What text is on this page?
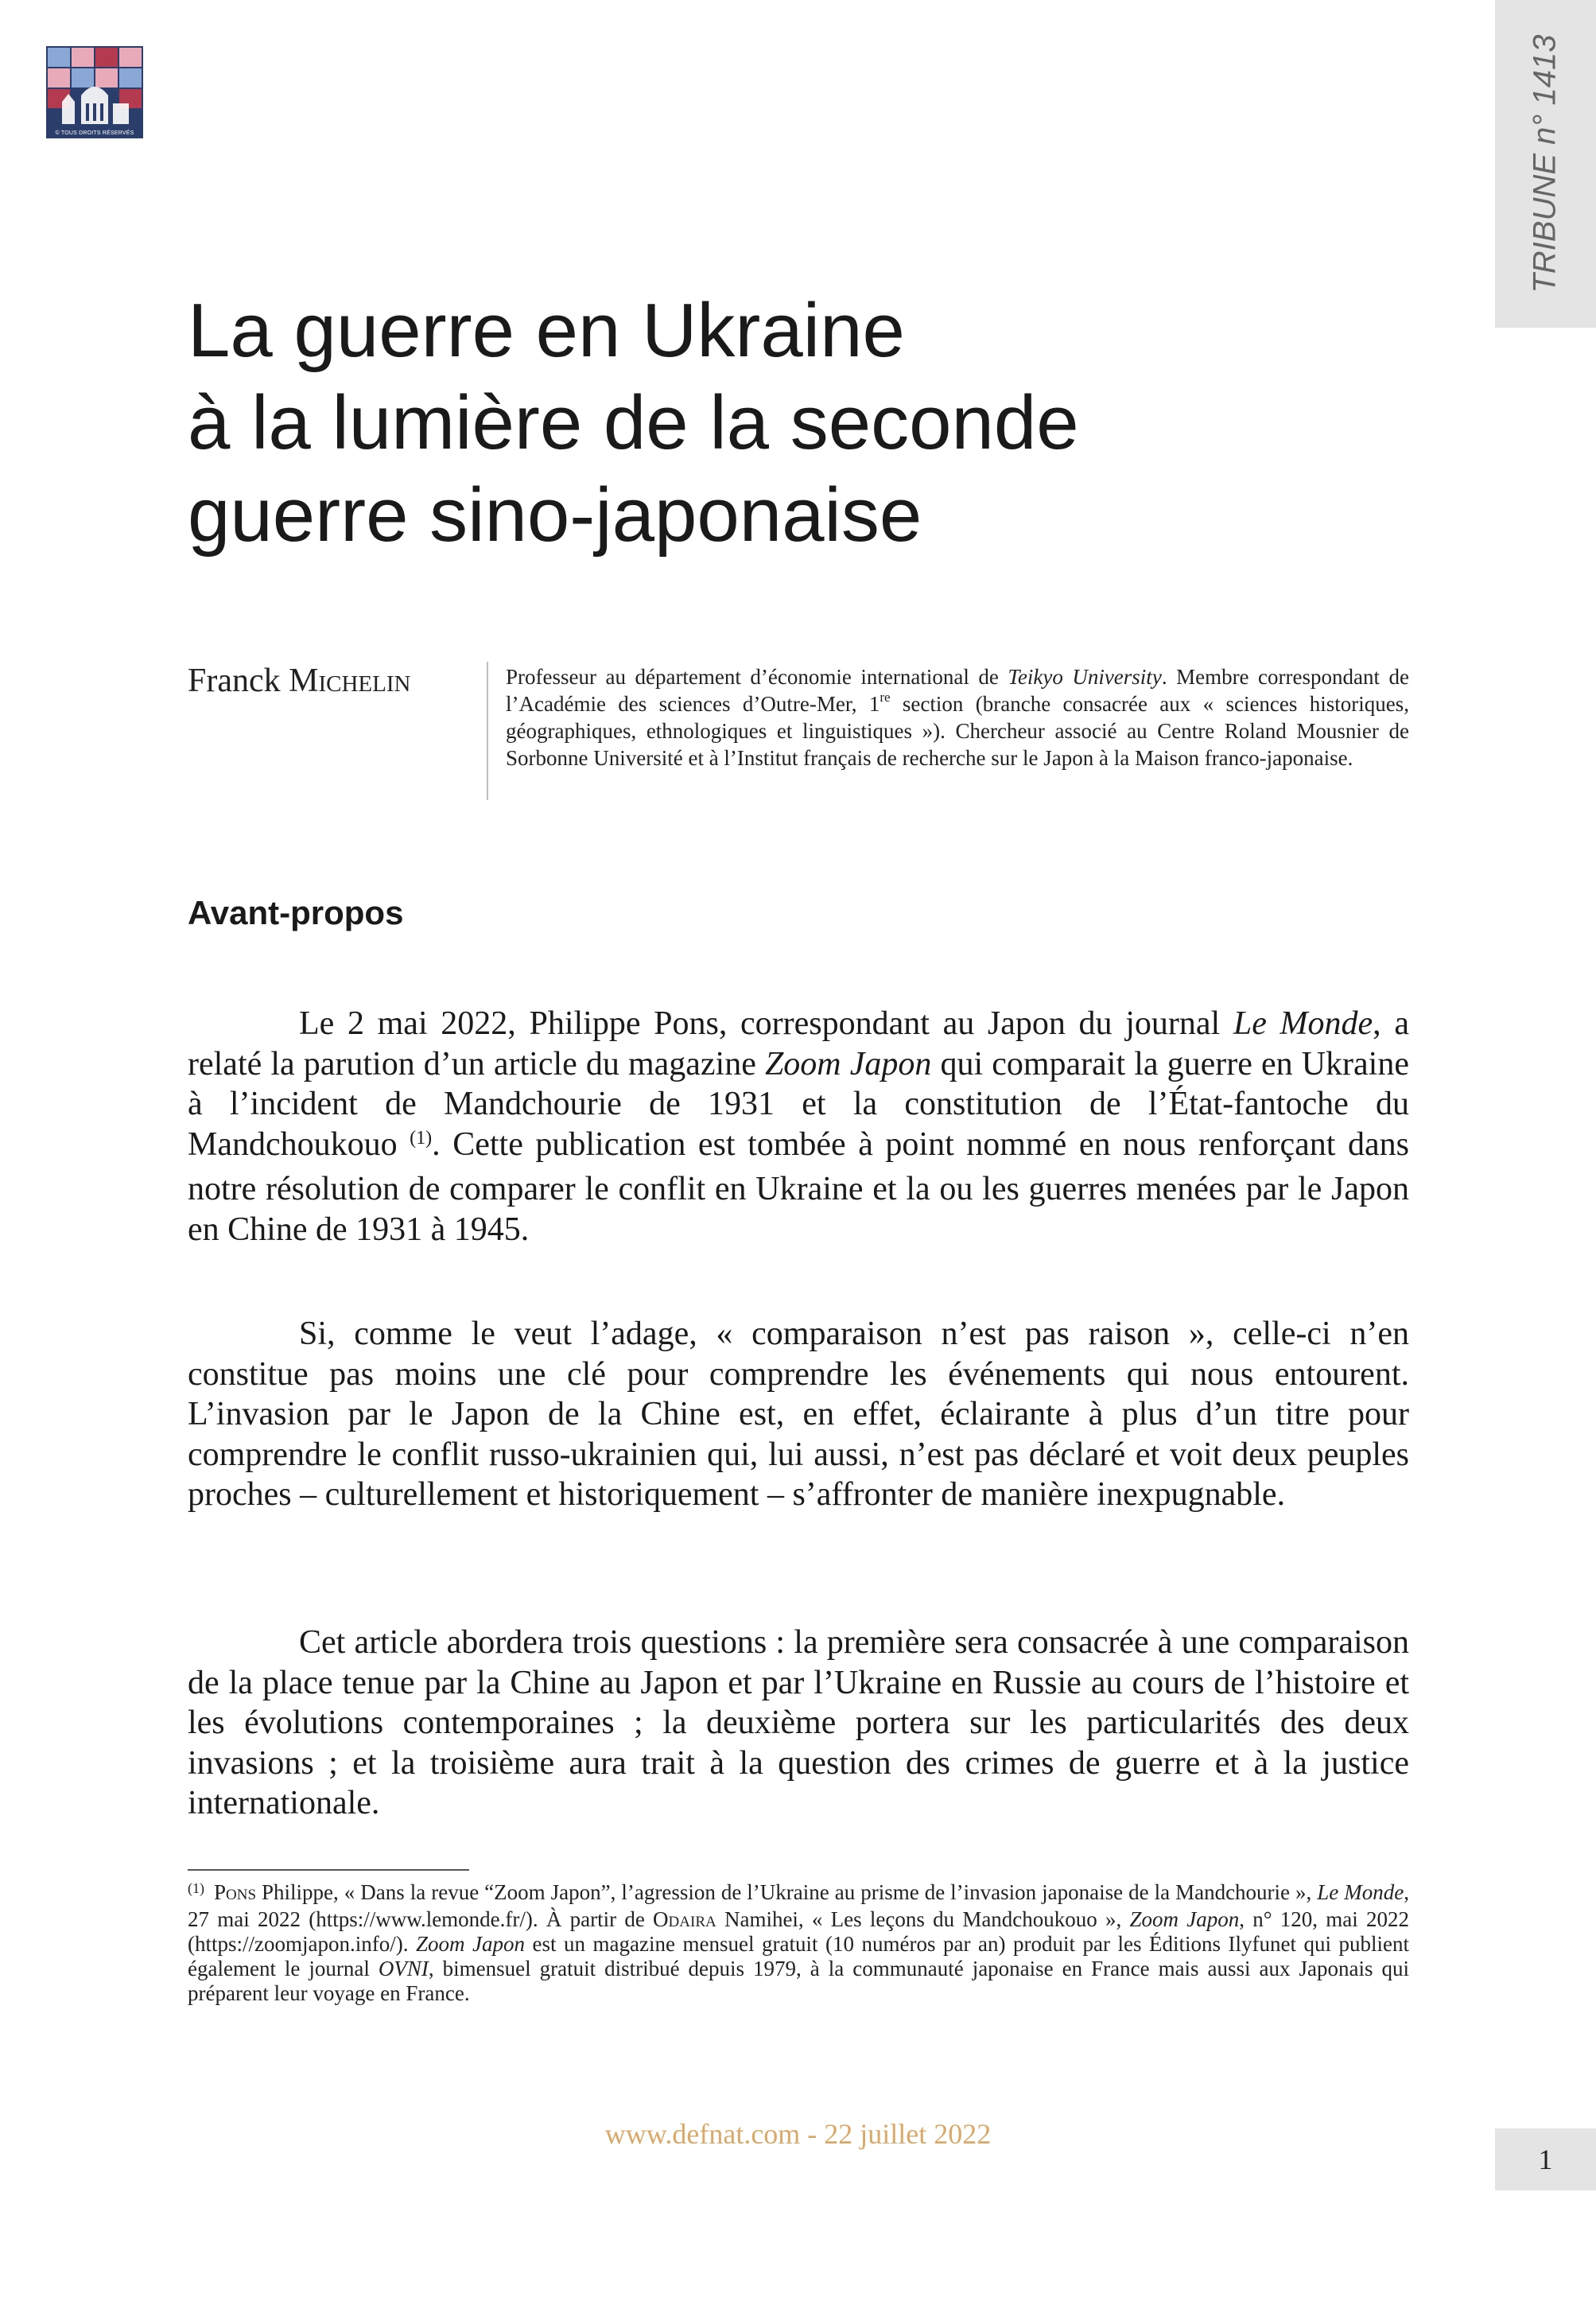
© TOUS DROITS RÉSERVÉS	TRIBUNE n° 1413
La guerre en Ukraine
à la lumière de la seconde
guerre sino-japonaise
Franck Michelin	Professeur au département d’économie international de Teikyo University. Membre correspondant de l’Académie des sciences d’Outre-Mer, 1re section (branche consacrée aux « sciences historiques, géographiques, ethnologiques et linguistiques »). Chercheur associé au Centre Roland Mousnier de Sorbonne Université et à l’Institut français de recherche sur le Japon à la Maison franco-japonaise.
Avant-propos

Le 2 mai 2022, Philippe Pons, correspondant au Japon du journal Le Monde, a relaté la parution d’un article du magazine Zoom Japon qui comparait la guerre en Ukraine à l’incident de Mandchourie de 1931 et la constitution de l’État-fantoche du Mandchoukouo $^{(1)}$. Cette publication est tombée à point nommé en nous renforçant dans notre résolution de comparer le conflit en Ukraine et la ou les guerres menées par le Japon en Chine de 1931 à 1945.

Si, comme le veut l’adage, « comparaison n’est pas raison », celle-ci n’en constitue pas moins une clé pour comprendre les événements qui nous entourent. L’invasion par le Japon de la Chine est, en effet, éclairante à plus d’un titre pour comprendre le conflit russo-ukrainien qui, lui aussi, n’est pas déclaré et voit deux peuples proches – culturellement et historiquement – s’affronter de manière inexpugnable.

Cet article abordera trois questions : la première sera consacrée à une comparaison de la place tenue par la Chine au Japon et par l’Ukraine en Russie au cours de l’histoire et les évolutions contemporaines ; la deuxième portera sur les particularités des deux invasions ; et la troisième aura trait à la question des crimes de guerre et à la justice internationale.

$^{(1)}$ Pons Philippe, « Dans la revue “Zoom Japon”, l’agression de l’Ukraine au prisme de l’invasion japonaise de la Mandchourie », Le Monde, 27 mai 2022 (https://www.lemonde.fr/). À partir de Odaira Namihei, « Les leçons du Mandchoukouo », Zoom Japon, n° 120, mai 2022 (https://zoomjapon.info/). Zoom Japon est un magazine mensuel gratuit (10 numéros par an) produit par les Éditions Ilyfunet qui publient également le journal OVNI, bimensuel gratuit distribué depuis 1979, à la communauté japonaise en France mais aussi aux Japonais qui préparent leur voyage en France.

www.defnat.com - 22 juillet 2022
1
